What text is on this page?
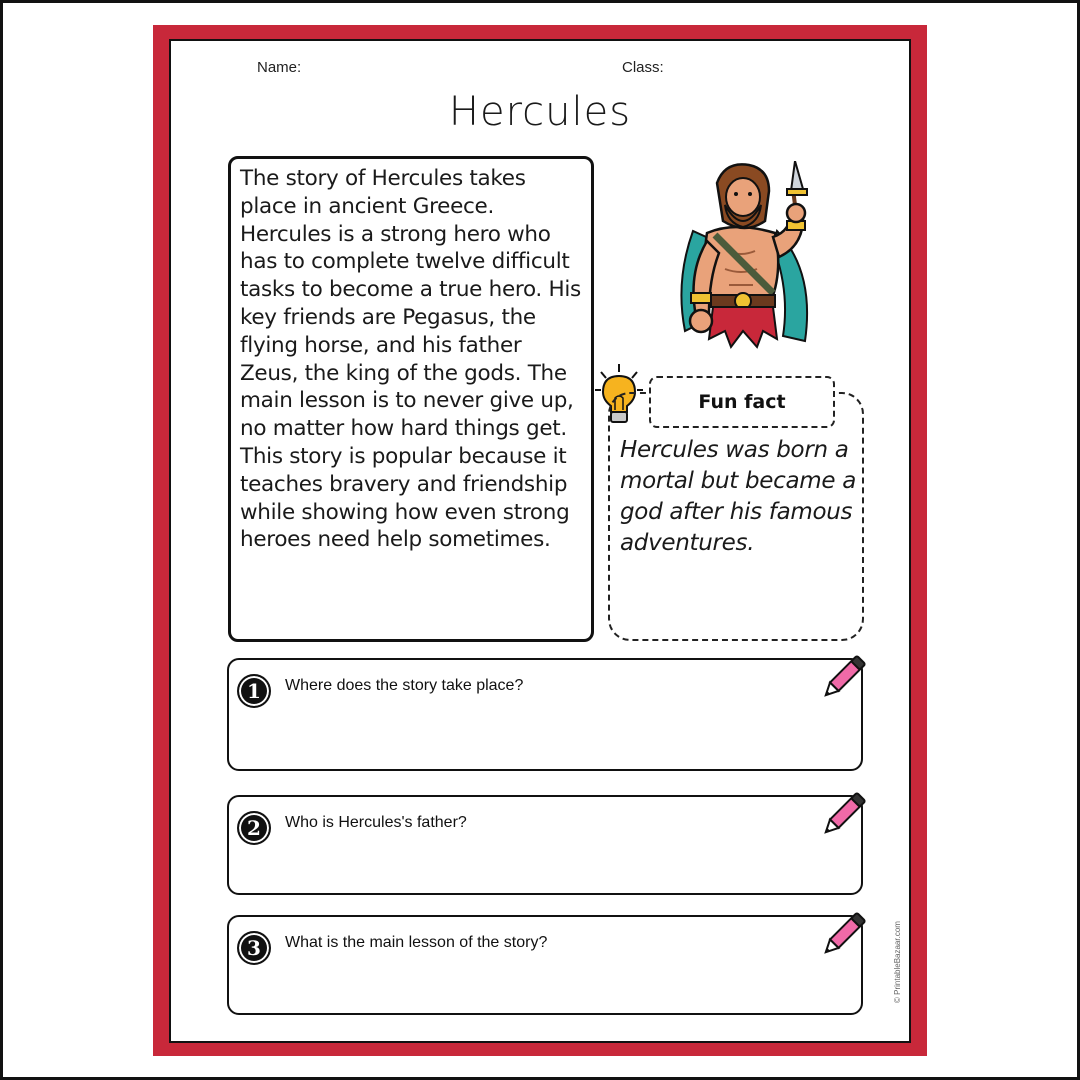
Name:	Class:
Hercules

The story of Hercules takes place in ancient Greece. Hercules is a strong hero who has to complete twelve difficult tasks to become a true hero. His key friends are Pegasus, the flying horse, and his father Zeus, the king of the gods. The main lesson is to never give up, no matter how hard things get. This story is popular because it teaches bravery and friendship while showing how even strong heroes need help sometimes.

Fun fact

Hercules was born a mortal but became a god after his famous adventures.

1	Where does the story take place?
2	Who is Hercules's father?
3	What is the main lesson of the story?	© PrintableBazaar.com
